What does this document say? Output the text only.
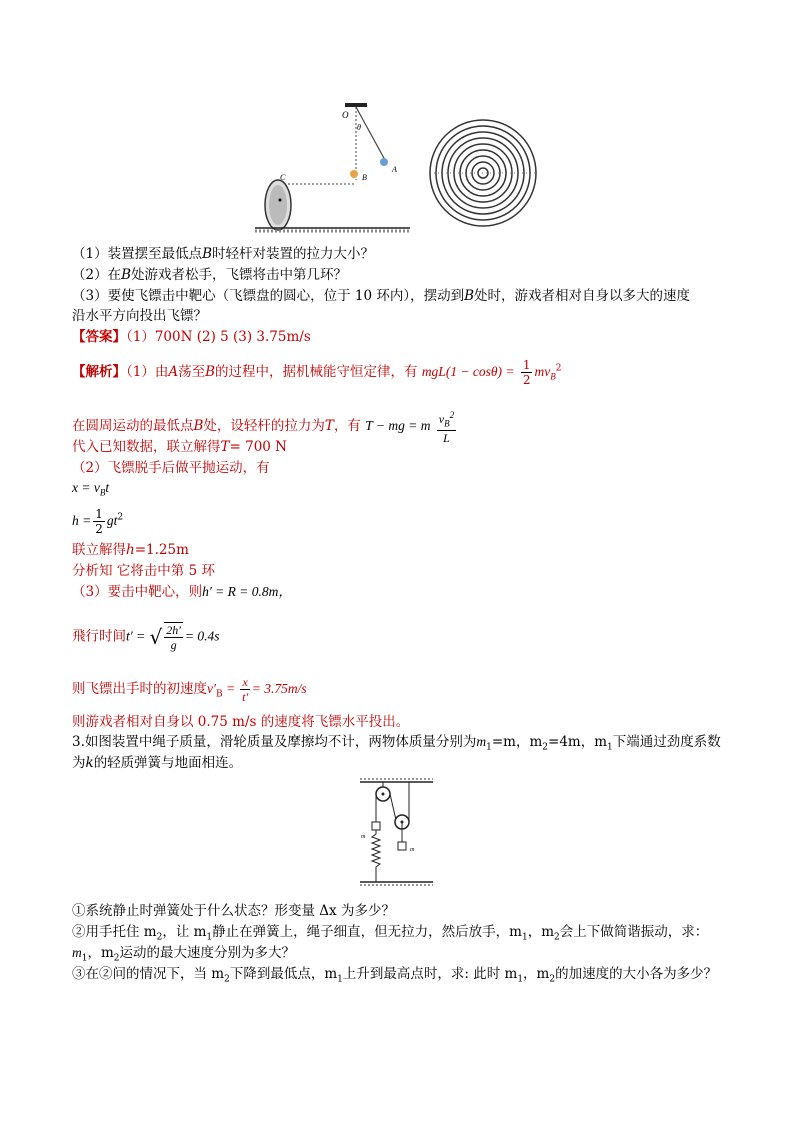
O
θ
A
B
C
（1）装置摆至最低点B时轻杆对装置的拉力大小？
（2）在B处游戏者松手，飞镖将击中第几环？
（3）要使飞镖击中靶心（飞镖盘的圆心，位于 10 环内），摆动到B处时，游戏者相对自身以多大的速度
沿水平方向投出飞镖？
【答案】（1）700N (2) 5 (3) 3.75m/s
【解析】（1）由A荡至B的过程中，据机械能守恒定律，有 $mgL(1 - \cos\theta) = \frac{1}{2} mv_B^2$
在圆周运动的最低点B处，设轻杆的拉力为T，有 T − mg = m $\frac{v_B^2}{L}$
代入已知数据，联立解得T= 700 N
（2）飞镖脱手后做平抛运动，有
$x = v_Bt$
$h = \frac{1}{2} gt^2$
联立解得h=1.25m
分析知 它将击中第 5 环
（3）要击中靶心，则h′ = R = 0.8m，
飛行时间t′ = √ $\frac{2h'}{g} = 0.4s$
则飞镖出手时的初速度$v'_B = \frac{x}{t'} = 3.75m/s$
则游戏者相对自身以 0.75 m/s 的速度将飞镖水平投出。
3.如图装置中绳子质量，滑轮质量及摩擦均不计，两物体质量分别为$m_1=m$，$m_2=4m$，$m_1$下端通过劲度系数
为k的轻质弹簧与地面相连。
m
m
①系统静止时弹簧处于什么状态？形变量 Δx 为多少？
②用手托住 $m_2$，让 $m_1$静止在弹簧上，绳子细直，但无拉力，然后放手，$m_1$，$m_2$会上下做简谐振动，求：
$m_1$，$m_2$运动的最大速度分别为多大？
③在②问的情况下，当 $m_2$下降到最低点，$m_1$上升到最高点时，求: 此时 $m_1$，$m_2$的加速度的大小各为多少？
